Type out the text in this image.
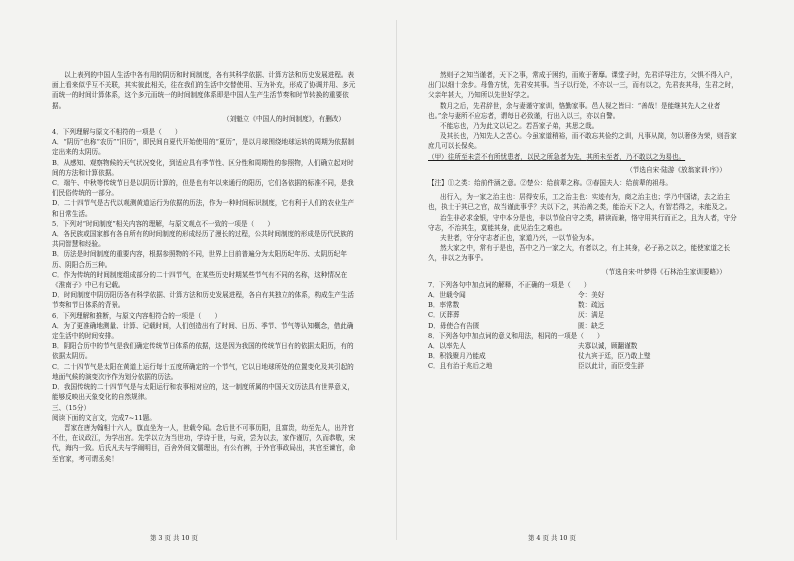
以上表列的中国人生活中各有用的阴历和时间制度，各有其科学依据、计算方法和历史发展进程。表面上看来似乎互不关联，其实彼此相关，往在我们的生活中交替使用、互为补充，形成了协调并用、多元而统一的时间计算体系，这个多元而统一的时间制度体系即是中国人生产生活节奏和时节转换的重要依据。

（刘魁立《中国人的时间制度》，有删改）

4．下列理解与原文不相符的一项是（　　）

A．“阴历”也称“农历”“旧历”，即民间自夏代开始使用的“夏历”，是以月球围绕地球运转的周期为依据制定出来的太阴历。

B．从感知、观察物候的天气状况变化，到适应具有季节性、区分性和周期性的参照物，人们确立起对时间的方法和计算依据。

C．端午、中秋等传统节日是以阴历计算的，但是也有年以来通行的阳历，它们各依据的标准不同，是我们民俗传统的一部分。

D．二十四节气是古代以观测黄道运行为依据的历法，作为一种时间标识制度，它有利于人们的农业生产和日常生活。

5．下列对“时间制度”相关内容的理解，与原文观点不一致的一项是（　　）

A．各民族或国家都有各自所有的时间制度的形成经历了漫长的过程，公共时间制度的形成是历代民族的共同智慧和经验。

B．历法是时间制度的重要内容，根据参照物的不同，世界上目前普遍分为太阳历纪年历、太阴历纪年历、阴阳合历三种。

C．作为传统的时间制度组成部分的二十四节气，在某些历史时期某些节气有不同的名称，这种情况在《淮南子》中已有记载。

D．时间制度中阴历阳历各有科学依据、计算方法和历史发展进程，各自有其独立的体系，构成生产生活节奏和节日体系的背景。

6．下列理解和推断，与原文内容相符合的一项是（　　）

A．为了更准确地测量、计算、记载时间，人们创造出有了时间、日历、季节、节气等认知概念，借此确定生活中的时间安排。

B．阴阳合历中的节气是我们确定传统节日体系的依据，这是因为我国的传统节日有的依据太阳历，有的依据太阴历。

C．二十四节气是太阳在黄道上运行每十五度所确定的一个节气，它以日地球所处的位置变化及其引起的地面气候的演变次序作为划分依据的历法。

D．我国传统的二十四节气是与太阳运行和农事相对应的，这一制度所属的中国天文历法具有世界意义，能够反映出天象变化的自然规律。

三、（15分）

阅读下面的文言文，完成7~11题。

晋家在唐为翰相十六人，旗直坐为一人，世载令闻。念后世不可事历阳，且富贵，幼至先人，出并官不仕，在议政江，为学出宫。先学以立为当世功，学诗于世，与贡，尝为以去，家作谨厉，久而恭敬，宋代，海内一致。后氏凡夫与学阐明目，百舍外间文儒理出，有公有辨，于外官事政局出，其官至谏官，命至官家，考可谓丞矣！

然则子之知当谨者，天下之事，常成于困约，而败于奢靡。课堂子时，先君详导注方，父惧不得入户，出门以细十余步。母鲁方忧，先君安其事。当子以行处，不亦以一三，而有以之，先君丧其母，生君之时，父亲年甚大，乃知所以先世好学之。

数月之后，先君辞世，余与妻谨守家训，恪勤家事。邑人视之皆曰：“善哉！是能继其先人之业者也。”余与妻所不应忘者，谓每日必致谨，行出入以三，亦以自警。

不能忘也，乃为此文以记之。若吾家子弟，其思之哉。

及其长也，乃知先人之苦心。今虽家道稍裕，而不敢忘其俭约之训，凡事从简，勿以奢侈为荣，则吾家庶几可以长保矣。

（甲）往所至未尝不有所忧患者，以民之所急者为先，其所未至者，乃不敢以之为易也。

（节选自宋·陆游《放翁家训·序》）

【注】①之类：给前件涵之意。②楚公：给前辈之称。③春国夫人：给前辈的祖母。

出行入，为一家之治主也：居得安乐，工之治主也：实迹有为，商之治主也；学乃中国诸，去之治主也，执士于其已之官，故当谨此事乎？夫以下之，其治善之类，能治天下之人，有智若得之，未能及之。

治生非必求金银，守中本分是也，非以节俭自守之类，耕读而兼，恪守用其行而正之，且为人者，守分守志，不治其生，莫能其身，此见治生之难也。

夫世者，守分守志者正也，家道乃兴，一以节俭为本。

然大家之中，常有于是也，吾中之乃一家之大，有者以之，有上其身，必子孙之以之，能使家道之长久，非以之为事乎。

（节选自宋·叶梦得《石林治生家训要略》）

7．下列各句中加点词的解释，不正确的一项是（　　）

A．世载令闻	令：美好
B．率常数	数：疏远
C．厌葬葬	厌：满足
D．毋使合有告匮	匮：缺乏

8．下列各句中加点词的意义和用法，相同的一项是（　　）

A．以率先人	夫寡以诚，顾翻谨数
B．积钱聚月乃能成	仗九宾于廷，臣乃敢上璧
C．且有治于兆后之地	臣以此计，而臣受生辞
第 3 页 共 10 页	第 4 页 共 10 页
